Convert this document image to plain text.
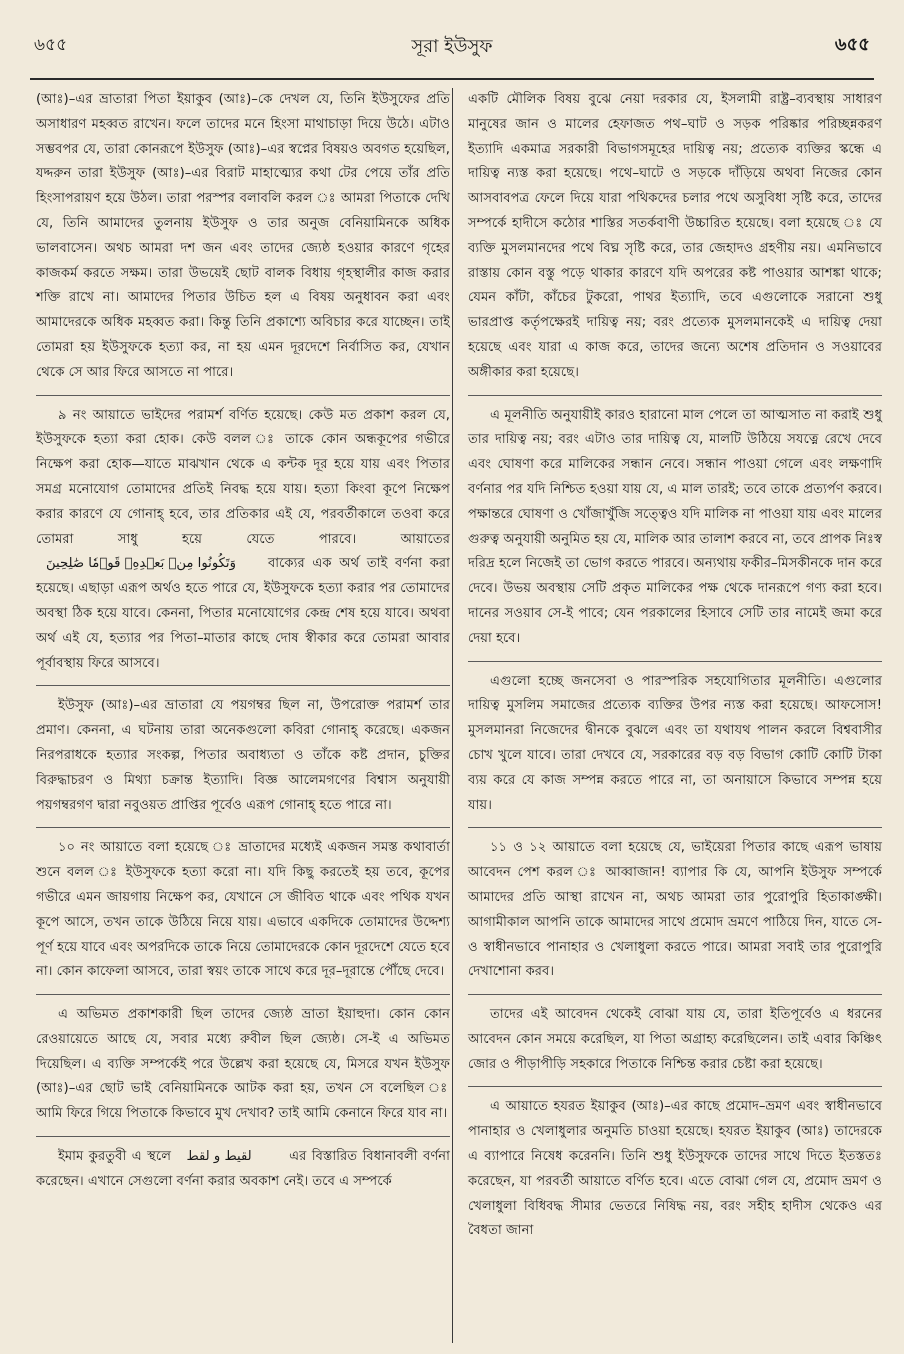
৬৫৫	সূরা ইউসুফ	৬৫৫

(আঃ)–এর ভ্রাতারা পিতা ইয়াকুব (আঃ)–কে দেখল যে, তিনি ইউসুফের প্রতি অসাধারণ মহব্বত রাখেন। ফলে তাদের মনে হিংসা মাথাচাড়া দিয়ে উঠে। এটাও সম্ভবপর যে, তারা কোনরূপে ইউসুফ (আঃ)–এর স্বপ্নের বিষয়ও অবগত হয়েছিল, যদ্দরুন তারা ইউসুফ (আঃ)–এর বিরাট মাহাত্ম্যের কথা টের পেয়ে তাঁর প্রতি হিংসাপরায়ণ হয়ে উঠল। তারা পরস্পর বলাবলি করল ঃ আমরা পিতাকে দেখি যে, তিনি আমাদের তুলনায় ইউসুফ ও তার অনুজ বেনিয়ামিনকে অধিক ভালবাসেন। অথচ আমরা দশ জন এবং তাদের জ্যেষ্ঠ হওয়ার কারণে গৃহের কাজকর্ম করতে সক্ষম। তারা উভয়েই ছোট বালক বিধায় গৃহস্থালীর কাজ করার শক্তি রাখে না। আমাদের পিতার উচিত হল এ বিষয় অনুধাবন করা এবং আমাদেরকে অধিক মহব্বত করা। কিন্তু তিনি প্রকাশ্যে অবিচার করে যাচ্ছেন। তাই তোমরা হয় ইউসুফকে হত্যা কর, না হয় এমন দূরদেশে নির্বাসিত কর, যেখান থেকে সে আর ফিরে আসতে না পারে।

৯ নং আয়াতে ভাইদের পরামর্শ বর্ণিত হয়েছে। কেউ মত প্রকাশ করল যে, ইউসুফকে হত্যা করা হোক। কেউ বলল ঃ তাকে কোন অন্ধকূপের গভীরে নিক্ষেপ করা হোক—যাতে মাঝখান থেকে এ কন্টক দূর হয়ে যায় এবং পিতার সমগ্র মনোযোগ তোমাদের প্রতিই নিবদ্ধ হয়ে যায়। হত্যা কিংবা কূপে নিক্ষেপ করার কারণে যে গোনাহ্ হবে, তার প্রতিকার এই যে, পরবর্তীকালে তওবা করে তোমরা সাধু হয়ে যেতে পারবে। আয়াতেরوَتَكُونُوا مِنۢ بَعۡدِهِۦ قَوۡمٗا صَٰلِحِينَ বাক্যের এক অর্থ তাই বর্ণনা করা হয়েছে। এছাড়া এরূপ অর্থও হতে পারে যে, ইউসুফকে হত্যা করার পর তোমাদের অবস্থা ঠিক হয়ে যাবে। কেননা, পিতার মনোযোগের কেন্দ্র শেষ হয়ে যাবে। অথবা অর্থ এই যে, হত্যার পর পিতা–মাতার কাছে দোষ স্বীকার করে তোমরা আবার পূর্বাবস্থায় ফিরে আসবে।

ইউসুফ (আঃ)–এর ভ্রাতারা যে পয়গম্বর ছিল না, উপরোক্ত পরামর্শ তার প্রমাণ। কেননা, এ ঘটনায় তারা অনেকগুলো কবিরা গোনাহ্ করেছে। একজন নিরপরাধকে হত্যার সংকল্প, পিতার অবাধ্যতা ও তাঁকে কষ্ট প্রদান, চুক্তির বিরুদ্ধাচরণ ও মিথ্যা চক্রান্ত ইত্যাদি। বিজ্ঞ আলেমগণের বিশ্বাস অনুযায়ী পয়গম্বরগণ দ্বারা নবুওয়ত প্রাপ্তির পূর্বেও এরূপ গোনাহ্ হতে পারে না।

১০ নং আয়াতে বলা হয়েছে ঃ ভ্রাতাদের মধ্যেই একজন সমস্ত কথাবার্তা শুনে বলল ঃ ইউসুফকে হত্যা করো না। যদি কিছু করতেই হয় তবে, কূপের গভীরে এমন জায়গায় নিক্ষেপ কর, যেখানে সে জীবিত থাকে এবং পথিক যখন কূপে আসে, তখন তাকে উঠিয়ে নিয়ে যায়। এভাবে একদিকে তোমাদের উদ্দেশ্য পূর্ণ হয়ে যাবে এবং অপরদিকে তাকে নিয়ে তোমাদেরকে কোন দূরদেশে যেতে হবে না। কোন কাফেলা আসবে, তারা স্বয়ং তাকে সাথে করে দূর–দূরান্তে পৌঁছে দেবে।

এ অভিমত প্রকাশকারী ছিল তাদের জ্যেষ্ঠ ভ্রাতা ইয়াহুদা। কোন কোন রেওয়ায়েতে আছে যে, সবার মধ্যে রুবীল ছিল জ্যেষ্ঠ। সে-ই এ অভিমত দিয়েছিল। এ ব্যক্তি সম্পর্কেই পরে উল্লেখ করা হয়েছে যে, মিসরে যখন ইউসুফ (আঃ)–এর ছোট ভাই বেনিয়ামিনকে আটক করা হয়, তখন সে বলেছিল ঃ আমি ফিরে গিয়ে পিতাকে কিভাবে মুখ দেখাব? তাই আমি কেনানে ফিরে যাব না।

ইমাম কুরতুবী এ স্থলে لقيط و لقط	এর বিস্তারিত বিধানাবলী বর্ণনা করেছেন। এখানে সেগুলো বর্ণনা করার অবকাশ নেই। তবে এ সম্পর্কে

একটি মৌলিক বিষয় বুঝে নেয়া দরকার যে, ইসলামী রাষ্ট্র–ব্যবস্থায় সাধারণ মানুষের জান ও মালের হেফাজত পথ–ঘাট ও সড়ক পরিষ্কার পরিচ্ছন্নকরণ ইত্যাদি একমাত্র সরকারী বিভাগসমূহের দায়িত্ব নয়; প্রত্যেক ব্যক্তির স্কন্ধে এ দায়িত্ব ন্যস্ত করা হয়েছে। পথে–ঘাটে ও সড়কে দাঁড়িয়ে অথবা নিজের কোন আসবাবপত্র ফেলে দিয়ে যারা পথিকদের চলার পথে অসুবিধা সৃষ্টি করে, তাদের সম্পর্কে হাদীসে কঠোর শাস্তির সতর্কবাণী উচ্চারিত হয়েছে। বলা হয়েছে ঃ যে ব্যক্তি মুসলমানদের পথে বিঘ্ন সৃষ্টি করে, তার জেহাদও গ্রহণীয় নয়। এমনিভাবে রাস্তায় কোন বস্তু পড়ে থাকার কারণে যদি অপরের কষ্ট পাওয়ার আশঙ্কা থাকে; যেমন কাঁটা, কাঁচের টুকরো, পাথর ইত্যাদি, তবে এগুলোকে সরানো শুধু ভারপ্রাপ্ত কর্তৃপক্ষেরই দায়িত্ব নয়; বরং প্রত্যেক মুসলমানকেই এ দায়িত্ব দেয়া হয়েছে এবং যারা এ কাজ করে, তাদের জন্যে অশেষ প্রতিদান ও সওয়াবের অঙ্গীকার করা হয়েছে।

এ মূলনীতি অনুযায়ীই কারও হারানো মাল পেলে তা আত্মসাত না করাই শুধু তার দায়িত্ব নয়; বরং এটাও তার দায়িত্ব যে, মালটি উঠিয়ে সযত্নে রেখে দেবে এবং ঘোষণা করে মালিকের সন্ধান নেবে। সন্ধান পাওয়া গেলে এবং লক্ষণাদি বর্ণনার পর যদি নিশ্চিত হওয়া যায় যে, এ মাল তারই; তবে তাকে প্রত্যর্পণ করবে। পক্ষান্তরে ঘোষণা ও খোঁজাখুঁজি সত্ত্বেও যদি মালিক না পাওয়া যায় এবং মালের গুরুত্ব অনুযায়ী অনুমিত হয় যে, মালিক আর তালাশ করবে না, তবে প্রাপক নিঃস্ব দরিদ্র হলে নিজেই তা ভোগ করতে পারবে। অন্যথায় ফকীর–মিসকীনকে দান করে দেবে। উভয় অবস্থায় সেটি প্রকৃত মালিকের পক্ষ থেকে দানরূপে গণ্য করা হবে। দানের সওয়াব সে-ই পাবে; যেন পরকালের হিসাবে সেটি তার নামেই জমা করে দেয়া হবে।

এগুলো হচ্ছে জনসেবা ও পারস্পরিক সহযোগিতার মূলনীতি। এগুলোর দায়িত্ব মুসলিম সমাজের প্রত্যেক ব্যক্তির উপর ন্যস্ত করা হয়েছে। আফসোস! মুসলমানরা নিজেদের দ্বীনকে বুঝলে এবং তা যথাযথ পালন করলে বিশ্ববাসীর চোখ খুলে যাবে। তারা দেখবে যে, সরকারের বড় বড় বিভাগ কোটি কোটি টাকা ব্যয় করে যে কাজ সম্পন্ন করতে পারে না, তা অনায়াসে কিভাবে সম্পন্ন হয়ে যায়।

১১ ও ১২ আয়াতে বলা হয়েছে যে, ভাইয়েরা পিতার কাছে এরূপ ভাষায় আবেদন পেশ করল ঃ আব্বাজান! ব্যাপার কি যে, আপনি ইউসুফ সম্পর্কে আমাদের প্রতি আস্থা রাখেন না, অথচ আমরা তার পুরোপুরি হিতাকাঙ্ক্ষী। আগামীকাল আপনি তাকে আমাদের সাথে প্রমোদ ভ্রমণে পাঠিয়ে দিন, যাতে সে-ও স্বাধীনভাবে পানাহার ও খেলাধুলা করতে পারে। আমরা সবাই তার পুরোপুরি দেখাশোনা করব।

তাদের এই আবেদন থেকেই বোঝা যায় যে, তারা ইতিপূর্বেও এ ধরনের আবেদন কোন সময়ে করেছিল, যা পিতা অগ্রাহ্য করেছিলেন। তাই এবার কিঞ্চিৎ জোর ও পীড়াপীড়ি সহকারে পিতাকে নিশ্চিন্ত করার চেষ্টা করা হয়েছে।

এ আয়াতে হযরত ইয়াকুব (আঃ)–এর কাছে প্রমোদ–ভ্রমণ এবং স্বাধীনভাবে পানাহার ও খেলাধুলার অনুমতি চাওয়া হয়েছে। হযরত ইয়াকুব (আঃ) তাদেরকে এ ব্যাপারে নিষেধ করেননি। তিনি শুধু ইউসুফকে তাদের সাথে দিতে ইতস্ততঃ করেছেন, যা পরবর্তী আয়াতে বর্ণিত হবে। এতে বোঝা গেল যে, প্রমোদ ভ্রমণ ও খেলাধুলা বিধিবদ্ধ সীমার ভেতরে নিষিদ্ধ নয়, বরং সহীহ হাদীস থেকেও এর বৈধতা জানা
